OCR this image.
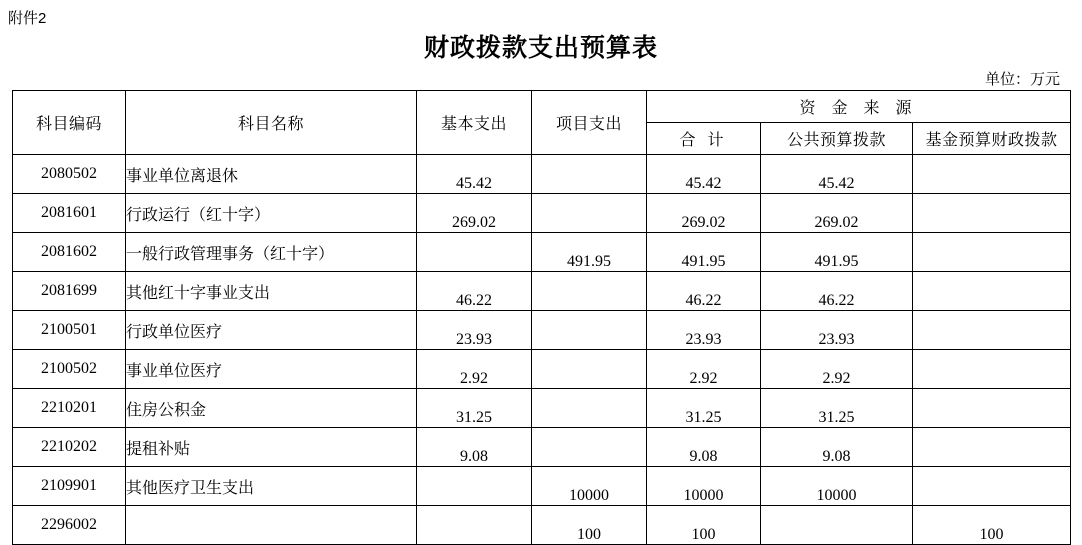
附件2
财政拨款支出预算表
单位：万元
科目编码	科目名称	基本支出	项目支出	资 金 来 源		
				合 计	公共预算拨款	基金预算财政拨款
2080502	事业单位离退休	45.42		45.42	45.42	
2081601	行政运行（红十字）	269.02		269.02	269.02	
2081602	一般行政管理事务（红十字）		491.95	491.95	491.95	
2081699	其他红十字事业支出	46.22		46.22	46.22	
2100501	行政单位医疗	23.93		23.93	23.93	
2100502	事业单位医疗	2.92		2.92	2.92	
2210201	住房公积金	31.25		31.25	31.25	
2210202	提租补贴	9.08		9.08	9.08	
2109901	其他医疗卫生支出		10000	10000	10000	
2296002			100	100		100
